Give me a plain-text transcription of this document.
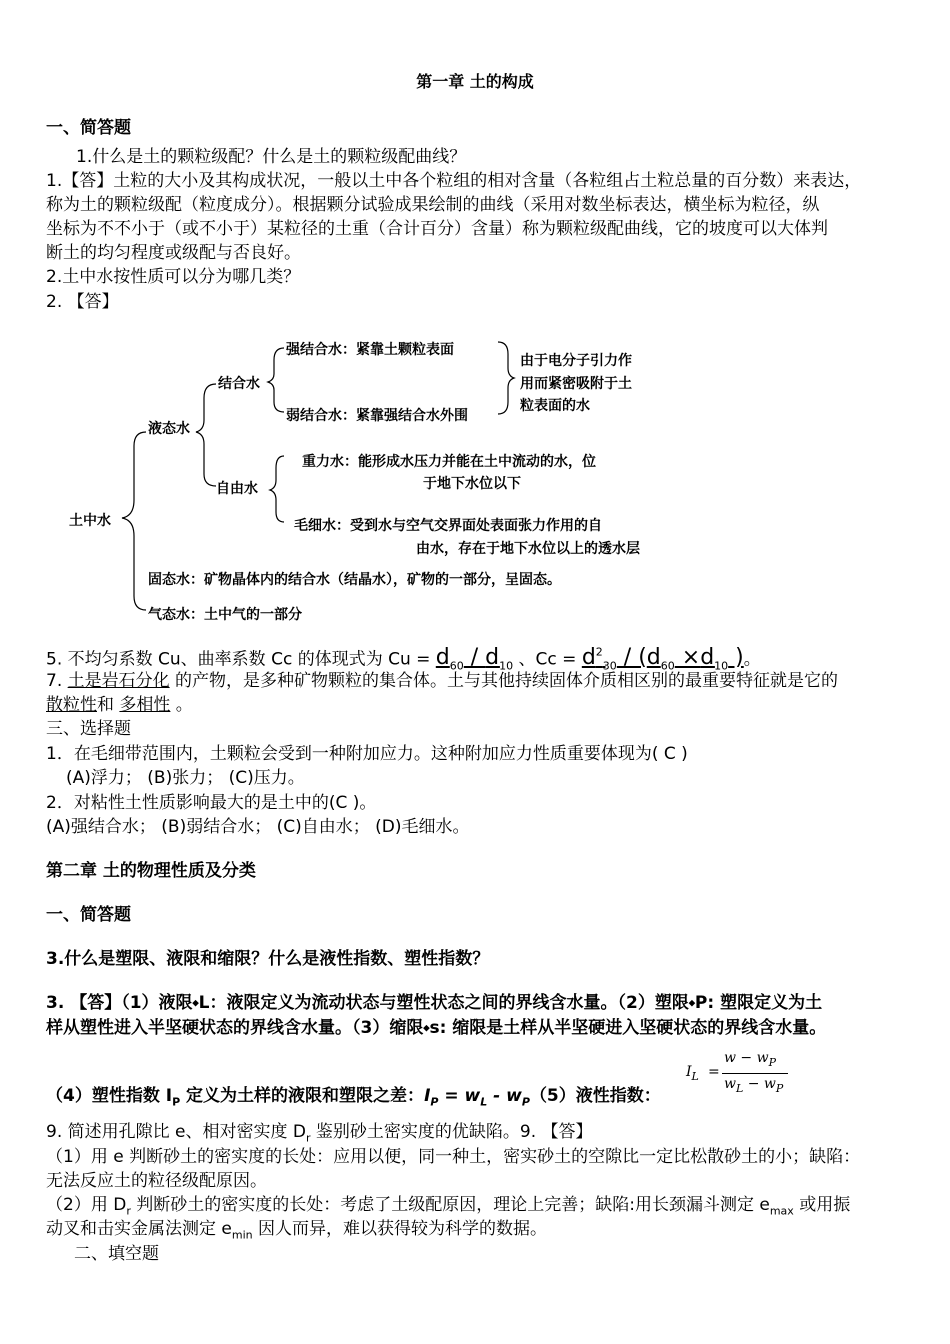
第一章 土的构成
一、简答题
1.什么是土的颗粒级配？什么是土的颗粒级配曲线？
1.【答】土粒的大小及其构成状况，一般以土中各个粒组的相对含量（各粒组占土粒总量的百分数）来表达，
称为土的颗粒级配（粒度成分）。根据颗分试验成果绘制的曲线（采用对数坐标表达，横坐标为粒径，纵
坐标为不不小于（或不小于）某粒径的土重（合计百分）含量）称为颗粒级配曲线，它的坡度可以大体判
断土的均匀程度或级配与否良好。
2.土中水按性质可以分为哪几类？
2. 【答】
土中水
液态水
结合水
强结合水：紧靠土颗粒表面
弱结合水：紧靠强结合水外围
由于电分子引力作
用而紧密吸附于土
粒表面的水
自由水
重力水：能形成水压力并能在土中流动的水，位
于地下水位以下
毛细水：受到水与空气交界面处表面张力作用的自
由水，存在于地下水位以上的透水层
固态水：矿物晶体内的结合水（结晶水），矿物的一部分，呈固态。
气态水：土中气的一部分
5. 不均匀系数 Cu、曲率系数 Cc 的体现式为 $Cu = d_{60} / d_{10}$ 、$Cc = d^2_{30} / (d_{60} \times d_{10}$ )。
7. 土是岩石分化 的产物，是多种矿物颗粒的集合体。土与其他持续固体介质相区别的最重要特征就是它的
散粒性和 多相性 。
三、选择题
1．在毛细带范围内，土颗粒会受到一种附加应力。这种附加应力性质重要体现为( C )
(A)浮力； (B)张力； (C)压力。
2．对粘性土性质影响最大的是土中的(C )。
(A)强结合水； (B)弱结合水； (C)自由水； (D)毛细水。
第二章 土的物理性质及分类
一、简答题
3.什么是塑限、液限和缩限？什么是液性指数、塑性指数？
3. 【答】（1）液限⬩L：液限定义为流动状态与塑性状态之间的界线含水量。（2）塑限⬩P: 塑限定义为土
样从塑性进入半坚硬状态的界线含水量。（3）缩限⬩s: 缩限是土样从半坚硬进入坚硬状态的界线含水量。
（4）塑性指数 $I_P$ 定义为土样的液限和塑限之差：$I_P = w_L - w_P(5)$液性指数：
$I_L$ =
$w - w_P$
$w_L - w_P$
9. 简述用孔隙比 e、相对密实度 $D_r$ 鉴别砂土密实度的优缺陷。9. 【答】
（1）用 e 判断砂土的密实度的长处：应用以便，同一种土，密实砂土的空隙比一定比松散砂土的小；缺陷：
无法反应土的粒径级配原因。
（2）用 $D_r$ 判断砂土的密实度的长处：考虑了土级配原因，理论上完善；缺陷:用长颈漏斗测定 $e_{max}$ 或用振
动叉和击实金属法测定 $e_{min}$ 因人而异，难以获得较为科学的数据。
二、填空题
